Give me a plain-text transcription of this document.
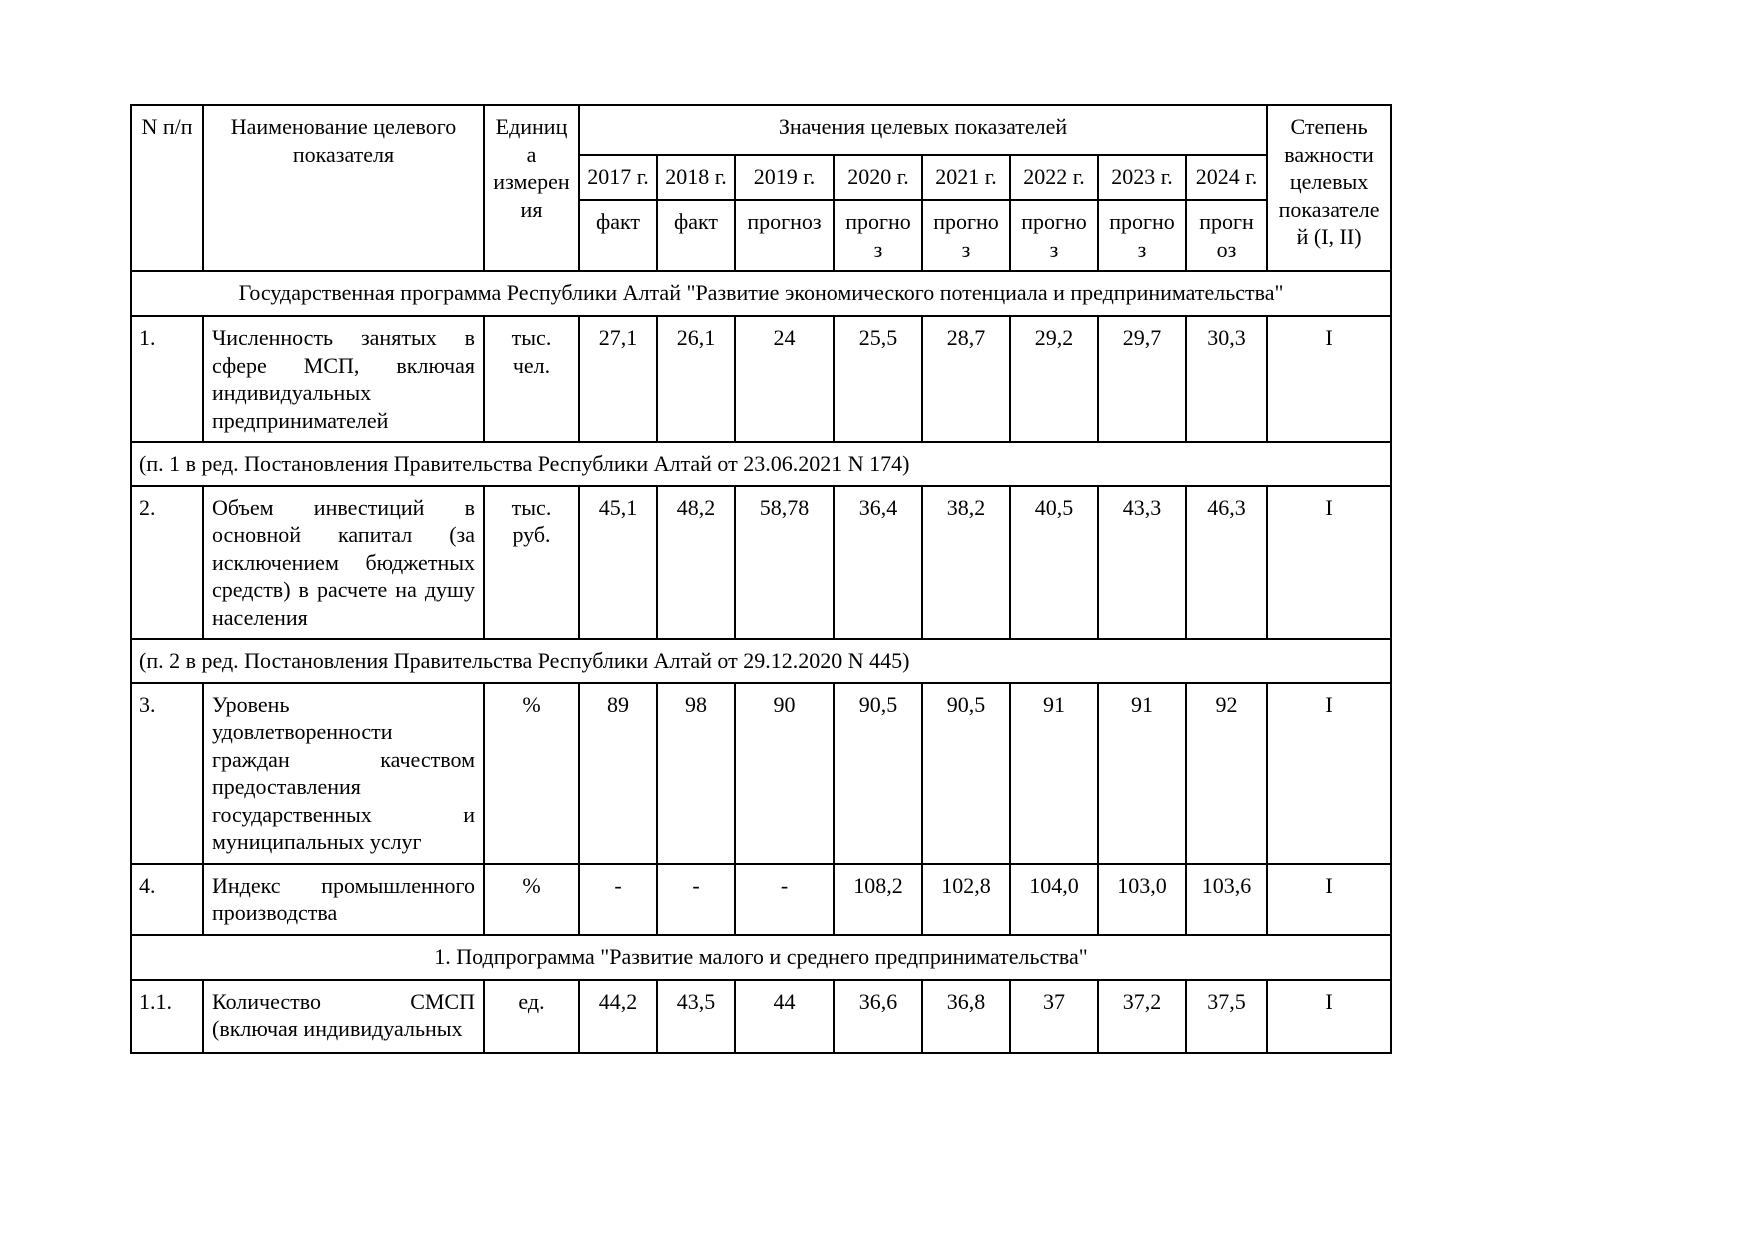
N п/п	Наименование целевого показателя	Единица измерения	Значения целевых показателей								Степень важности целевых показателей (I, II)
			2017 г.	2018 г.	2019 г.	2020 г.	2021 г.	2022 г.	2023 г.	2024 г.	
			факт	факт	прогноз	прогноз	прогноз	прогноз	прогноз	прогноз	
Государственная программа Республики Алтай "Развитие экономического потенциала и предпринимательства"											
1.	Численность занятых в сфере МСП, включая индивидуальных предпринимателей	тыс. чел.	27,1	26,1	24	25,5	28,7	29,2	29,7	30,3	I
(п. 1 в ред. Постановления Правительства Республики Алтай от 23.06.2021 N 174)											
2.	Объем инвестиций в основной капитал (за исключением бюджетных средств) в расчете на душу населения	тыс. руб.	45,1	48,2	58,78	36,4	38,2	40,5	43,3	46,3	I
(п. 2 в ред. Постановления Правительства Республики Алтай от 29.12.2020 N 445)											
3.	Уровень удовлетворенности граждан качеством предоставления государственных и муниципальных услуг	%	89	98	90	90,5	90,5	91	91	92	I
4.	Индекс промышленного производства	%	-	-	-	108,2	102,8	104,0	103,0	103,6	I
1. Подпрограмма "Развитие малого и среднего предпринимательства"											
1.1.	Количество СМСП (включая индивидуальных	ед.	44,2	43,5	44	36,6	36,8	37	37,2	37,5	I
